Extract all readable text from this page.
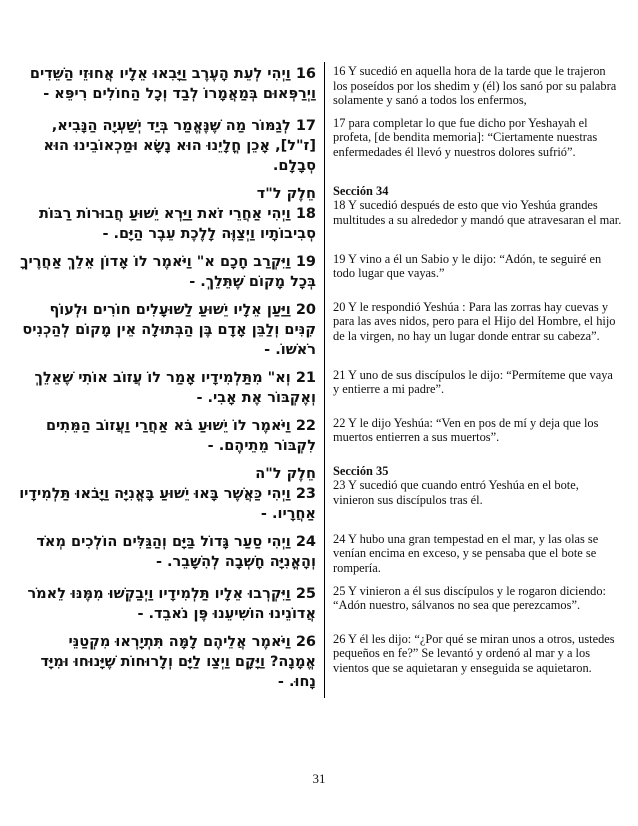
16 וַיְהִי לְעֵת הָעֶרֶב וַיָּבִאוּ אֵלָיו אֲחוּזֵי הַשֵּׁדִים וַיְרַפְּאוּם בְּמַאֲמָרוֹ לְבַד וְכָל הַחוֹלִים רִיפֵּא -
16 Y sucedió en aquella hora de la tarde que le trajeron los poseídos por los shedim y (él) los sanó por su palabra solamente y sanó a todos los enfermos,
17 לְגַמּוֹר מַה שֶּׁנֶּאֱמַר בְּיַד יְשַׁעְיָה הַנָּבִיא, [ז"ל], אָכֵן חֳלָיֵנוּ הוּא נָשָׂא וּמַכְאוֹבֵינוּ הוּא סְבָלָם.
17 para completar lo que fue dicho por Yeshayah el profeta, [de bendita memoria]: “Ciertamente nuestras enfermedades él llevó y nuestros dolores sufrió”.
חֵלֶק ל"ד
18 וַיְהִי אַחֲרֵי זֹאת וַיַּרְא יֵשׁוּעַ חֲבוּרוֹת רַבּוֹת סְבִיבוֹתָיו וַיְצַוֶּה לָלֶכֶת עֵבֶר הַיָּם. -
Sección 34
18 Y sucedió después de esto que vio Yeshúa grandes multitudes a su alrededor y mandó que atravesaran el mar.
19 וַיִּקְרַב חָכָם א" וַיֹּאמֶר לוֹ אָדוֹן אֵלֵךְ אַחֲרֶיךָ בְּכָל מָקוֹם שֶׁתֵּלֵךְ. -
19 Y vino a él un Sabio y le dijo: “Adón, te seguiré en todo lugar que vayas.”
20 וַיַּעַן אֵלָיו יֵשׁוּעַ לַשּׁוּעָלִים חוֹרִים וּלְעוֹף קִנִּים וְלַבֵּן אָדָם בֶּן הַבְּתוּלָה אֵין מָקוֹם לְהַכְנִיס רֹאשׁוֹ. -
20 Y le respondió Yeshúa : Para las zorras hay cuevas y para las aves nidos, pero para el Hijo del Hombre, el hijo de la virgen, no hay un lugar donde entrar su cabeza”.
21 וְא" מִתַּלְמִידָיו אָמַר לוֹ עֲזוֹב אוֹתִי שֶׁאֵלֵךְ וְאֶקְבּוֹר אֶת אָבִי. -
21 Y uno de sus discípulos le dijo: “Permíteme que vaya y entierre a mi padre”.
22 וַיֹּאמֶר לוֹ יֵשׁוּעַ בֹּא אַחֲרַי וַעֲזוֹב הַמֵּתִים לִקְבּוֹר מֵתֵיהֶם. -
22 Y le dijo Yeshúa: “Ven en pos de mí y deja que los muertos entierren a sus muertos”.
חֵלֶק ל"ה
23 וַיְהִי כַּאֲשֶׁר בָּאוּ יֵשׁוּעַ בָּאֳנִיָּה וַיָּבֹאוּ תַּלְמִידָיו אַחֲרָיו. -
Sección 35
23 Y sucedió que cuando entró Yeshúa en el bote, vinieron sus discípulos tras él.
24 וַיְהִי סַעַר גָּדוֹל בַּיָּם וְהַגַּלִּים הוֹלְכִים מְאֹד וְהָאֳנִיָּה חָשְׁבָה לְהִשָּׁבֵר. -
24 Y hubo una gran tempestad en el mar, y las olas se venían encima en exceso, y se pensaba que el bote se rompería.
25 וַיִּקְרְבוּ אֵלָיו תַּלְמִידָיו וַיְבַקְשׁוּ מִמֶּנּוּ לֵאמֹר אֲדוֹנֵינוּ הוֹשִׁיעֵנוּ פֶּן נֹאבֵד. -
25 Y vinieron a él sus discípulos y le rogaron diciendo: “Adón nuestro, sálvanos no sea que perezcamos”.
26 וַיֹּאמֶר אֲלֵיהֶם לָמָּה תִּתְיָרְאוּ מִקְטַנֵּי אֱמָנָה? וַיָּקָם וַיְצַו לַיָּם וְלָרוּחוֹת שֶׁיָּנוּחוּ וּמִיָּד נָחוּ. -
26 Y él les dijo: “¿Por qué se miran unos a otros, ustedes pequeños en fe?” Se levantó y ordenó al mar y a los vientos que se aquietaran y enseguida se aquietaron.
31
